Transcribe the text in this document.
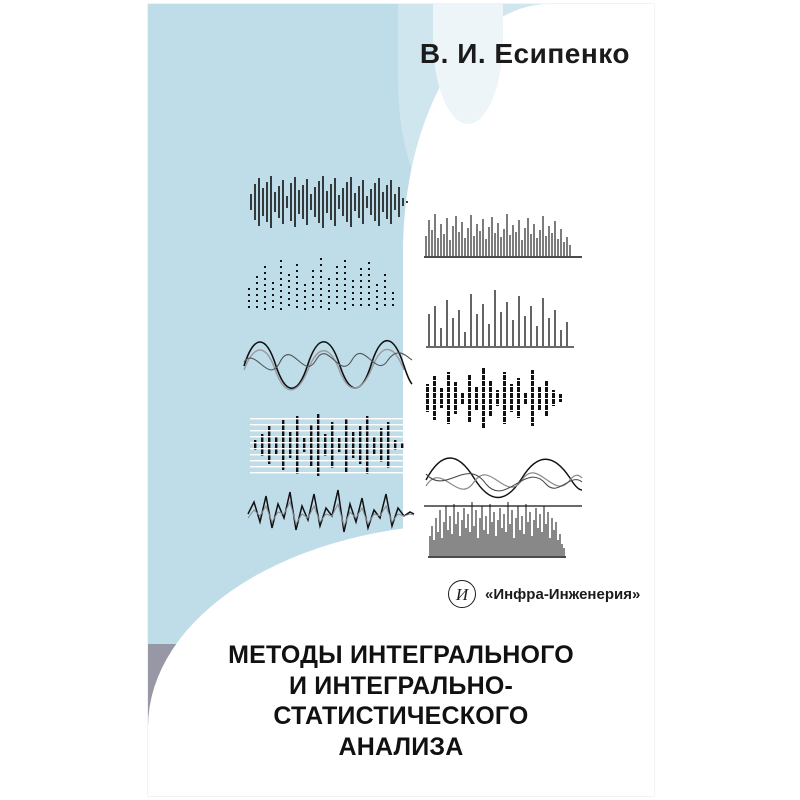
В. И. Есипенко
И	«Инфра-Инженерия»
МЕТОДЫ ИНТЕГРАЛЬНОГО
И ИНТЕГРАЛЬНО-
СТАТИСТИЧЕСКОГО
АНАЛИЗА
